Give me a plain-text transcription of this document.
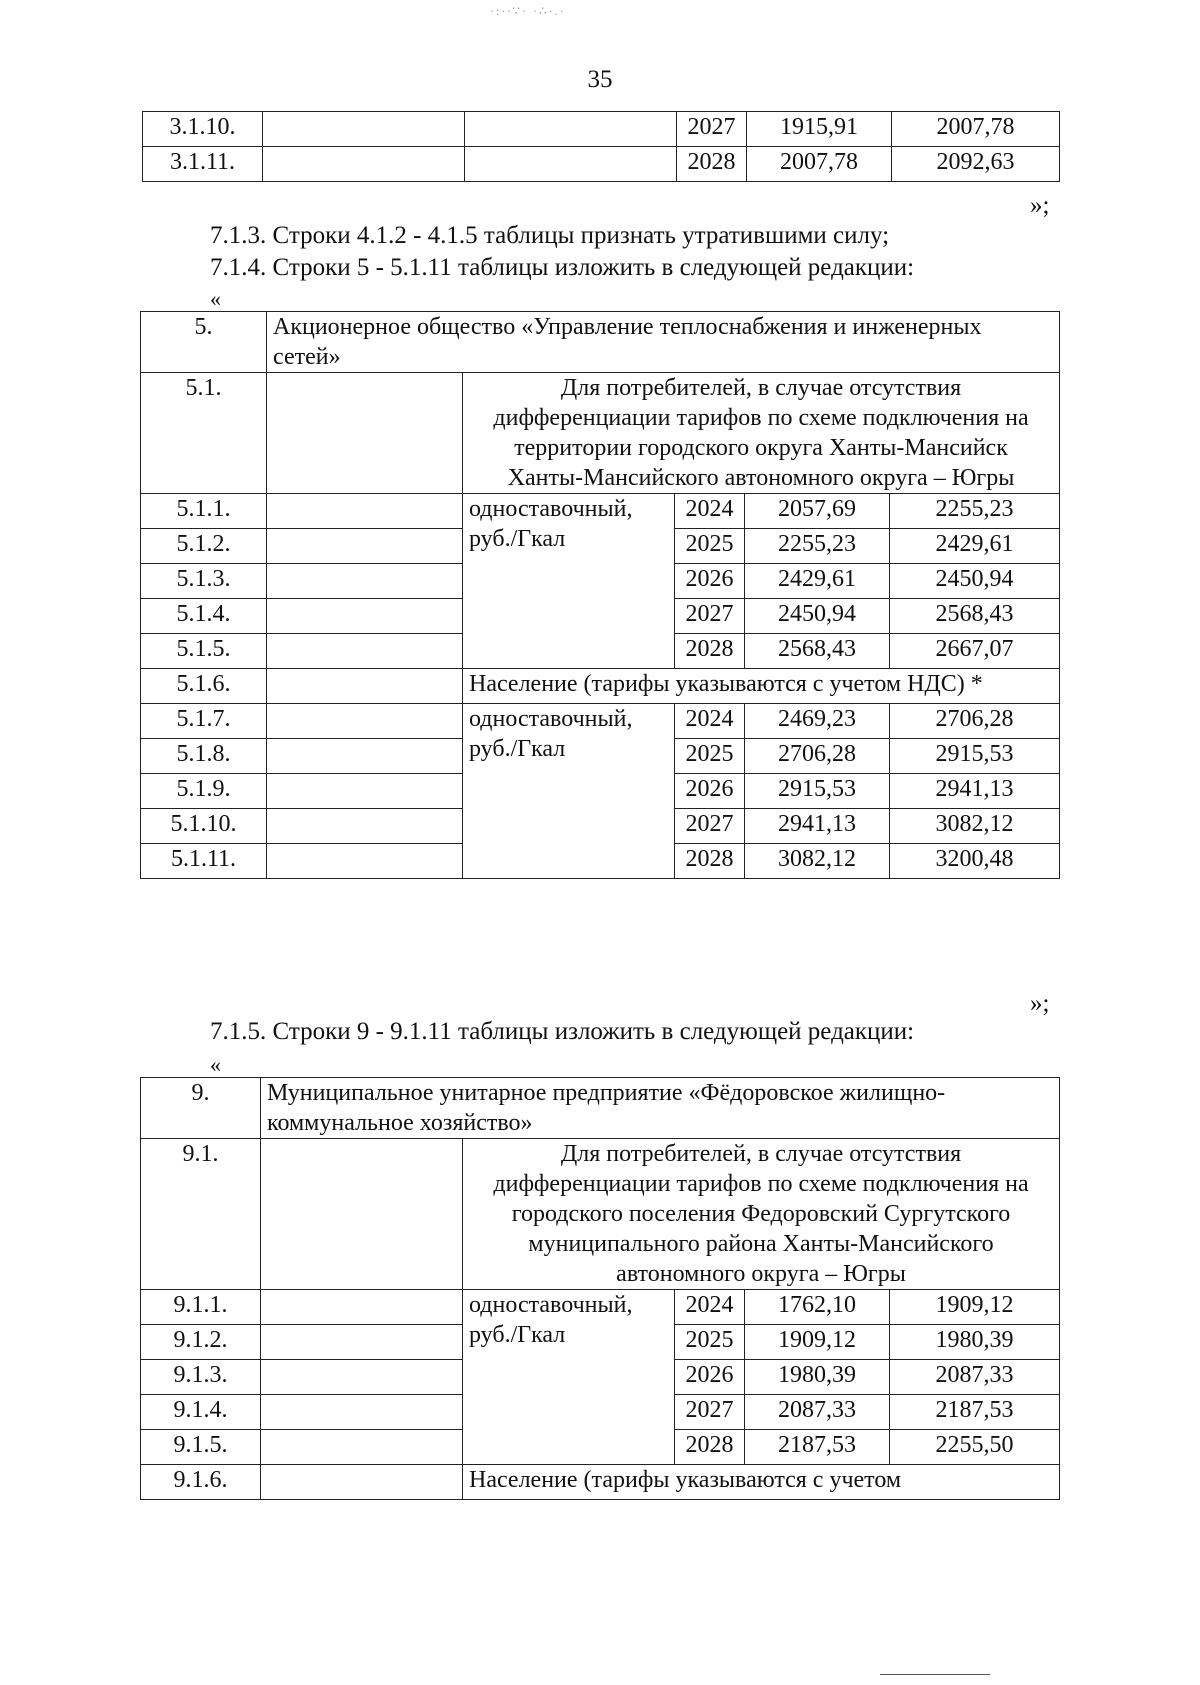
·:·∙∵· ·∴·.·
35
3.1.10.			2027	1915,91	2007,78
3.1.11.			2028	2007,78	2092,63
»;
7.1.3. Строки 4.1.2 - 4.1.5 таблицы признать утратившими силу;
7.1.4. Строки 5 - 5.1.11 таблицы изложить в следующей редакции:
«
5.	Акционерное общество «Управление теплоснабжения и инженерных сетей»				
5.1.		Для потребителей, в случае отсутствия дифференциации тарифов по схеме подключения на территории городского округа Ханты-Мансийск Ханты-Мансийского автономного округа – Югры			
5.1.1.		одноставочный, руб./Гкал	2024	2057,69	2255,23
5.1.2.			2025	2255,23	2429,61
5.1.3.			2026	2429,61	2450,94
5.1.4.			2027	2450,94	2568,43
5.1.5.			2028	2568,43	2667,07
5.1.6.		Население (тарифы указываются с учетом НДС) *			
5.1.7.		одноставочный, руб./Гкал	2024	2469,23	2706,28
5.1.8.			2025	2706,28	2915,53
5.1.9.			2026	2915,53	2941,13
5.1.10.			2027	2941,13	3082,12
5.1.11.			2028	3082,12	3200,48
»;
7.1.5. Строки 9 - 9.1.11 таблицы изложить в следующей редакции:
«
9.	Муниципальное унитарное предприятие «Фёдоровское жилищно-коммунальное хозяйство»				
9.1.		Для потребителей, в случае отсутствия дифференциации тарифов по схеме подключения на городского поселения Федоровский Сургутского муниципального района Ханты-Мансийского автономного округа – Югры			
9.1.1.		одноставочный, руб./Гкал	2024	1762,10	1909,12
9.1.2.			2025	1909,12	1980,39
9.1.3.			2026	1980,39	2087,33
9.1.4.			2027	2087,33	2187,53
9.1.5.			2028	2187,53	2255,50
9.1.6.		Население (тарифы указываются с учетом			
